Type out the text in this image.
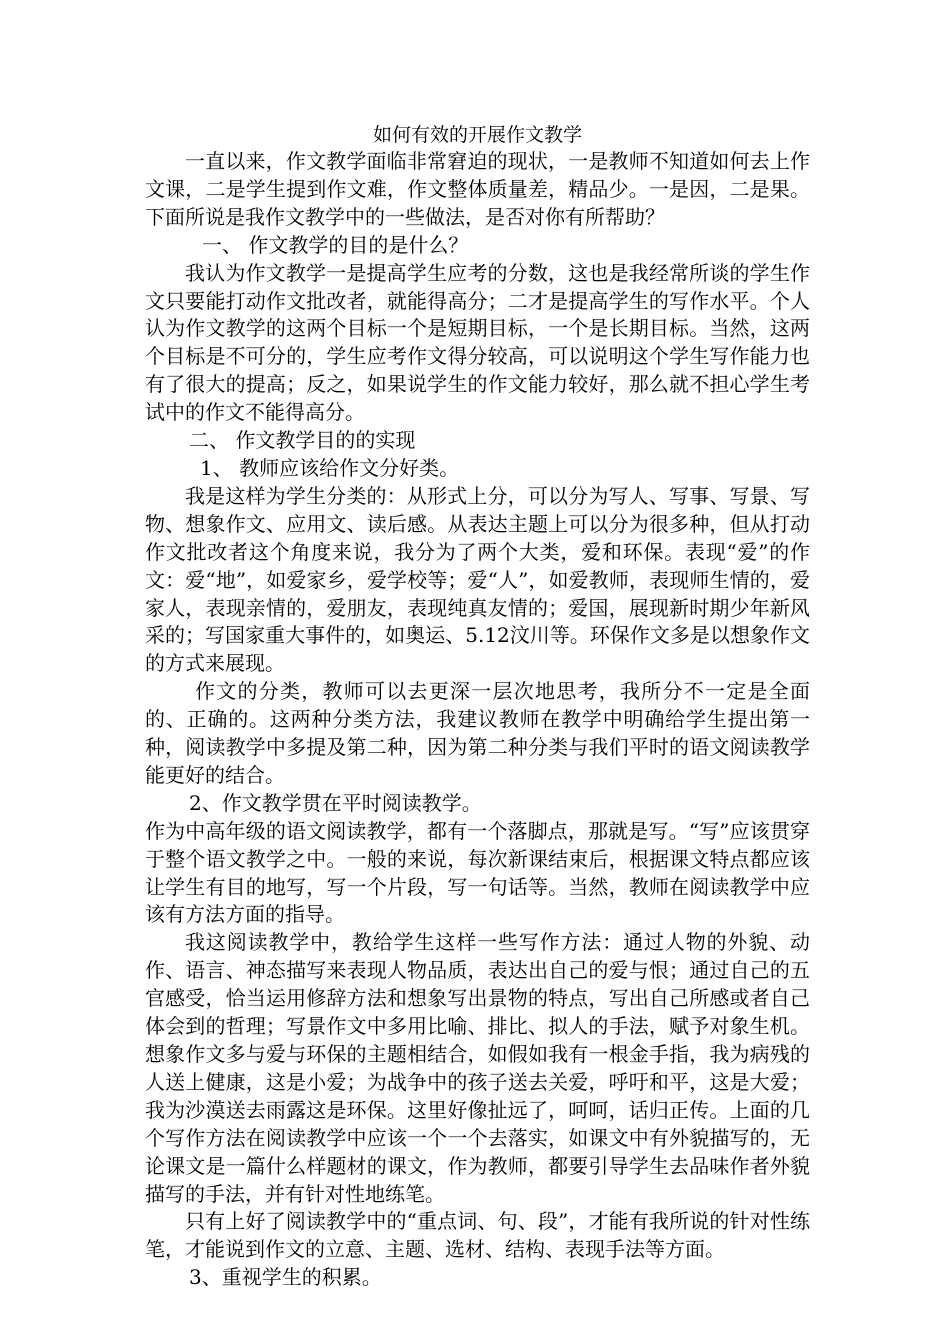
如何有效的开展作文教学

一直以来，作文教学面临非常窘迫的现状，一是教师不知道如何去上作文课，二是学生提到作文难，作文整体质量差，精品少。一是因，二是果。下面所说是我作文教学中的一些做法，是否对你有所帮助？

一、 作文教学的目的是什么？

我认为作文教学一是提高学生应考的分数，这也是我经常所谈的学生作文只要能打动作文批改者，就能得高分；二才是提高学生的写作水平。个人认为作文教学的这两个目标一个是短期目标，一个是长期目标。当然，这两个目标是不可分的，学生应考作文得分较高，可以说明这个学生写作能力也有了很大的提高；反之，如果说学生的作文能力较好，那么就不担心学生考试中的作文不能得高分。

二、 作文教学目的的实现

1、 教师应该给作文分好类。

我是这样为学生分类的：从形式上分，可以分为写人、写事、写景、写物、想象作文、应用文、读后感。从表达主题上可以分为很多种，但从打动作文批改者这个角度来说，我分为了两个大类，爱和环保。表现“爱”的作文：爱“地”，如爱家乡，爱学校等；爱“人”，如爱教师，表现师生情的，爱家人，表现亲情的，爱朋友，表现纯真友情的；爱国，展现新时期少年新风采的；写国家重大事件的，如奥运、5.12汶川等。环保作文多是以想象作文的方式来展现。

作文的分类，教师可以去更深一层次地思考，我所分不一定是全面的、正确的。这两种分类方法，我建议教师在教学中明确给学生提出第一种，阅读教学中多提及第二种，因为第二种分类与我们平时的语文阅读教学能更好的结合。

2、作文教学贯在平时阅读教学。

作为中高年级的语文阅读教学，都有一个落脚点，那就是写。“写”应该贯穿于整个语文教学之中。一般的来说，每次新课结束后，根据课文特点都应该让学生有目的地写，写一个片段，写一句话等。当然，教师在阅读教学中应该有方法方面的指导。

我这阅读教学中，教给学生这样一些写作方法：通过人物的外貌、动作、语言、神态描写来表现人物品质，表达出自己的爱与恨；通过自己的五官感受，恰当运用修辞方法和想象写出景物的特点，写出自己所感或者自己体会到的哲理；写景作文中多用比喻、排比、拟人的手法，赋予对象生机。想象作文多与爱与环保的主题相结合，如假如我有一根金手指，我为病残的人送上健康，这是小爱；为战争中的孩子送去关爱，呼吁和平，这是大爱；我为沙漠送去雨露这是环保。这里好像扯远了，呵呵，话归正传。上面的几个写作方法在阅读教学中应该一个一个去落实，如课文中有外貌描写的，无论课文是一篇什么样题材的课文，作为教师，都要引导学生去品味作者外貌描写的手法，并有针对性地练笔。

只有上好了阅读教学中的“重点词、句、段”，才能有我所说的针对性练笔，才能说到作文的立意、主题、选材、结构、表现手法等方面。

3、重视学生的积累。
